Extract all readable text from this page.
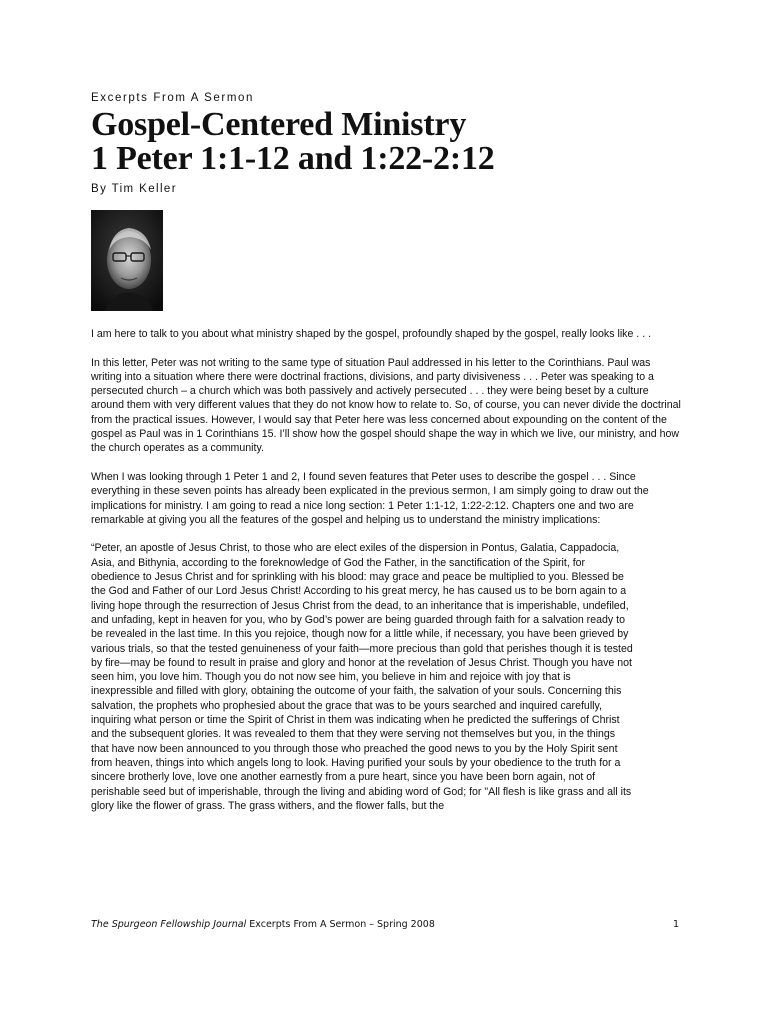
Excerpts From A Sermon

Gospel-Centered Ministry
1 Peter 1:1-12 and 1:22-2:12

By Tim Keller

I am here to talk to you about what ministry shaped by the gospel, profoundly shaped by the gospel, really looks like . . .

In this letter, Peter was not writing to the same type of situation Paul addressed in his letter to the Corinthians. Paul was writing into a situation where there were doctrinal fractions, divisions, and party divisiveness . . . Peter was speaking to a persecuted church – a church which was both passively and actively persecuted . . . they were being beset by a culture around them with very different values that they do not know how to relate to. So, of course, you can never divide the doctrinal from the practical issues. However, I would say that Peter here was less concerned about expounding on the content of the gospel as Paul was in 1 Corinthians 15. I’ll show how the gospel should shape the way in which we live, our ministry, and how the church operates as a community.

When I was looking through 1 Peter 1 and 2, I found seven features that Peter uses to describe the gospel . . . Since everything in these seven points has already been explicated in the previous sermon, I am simply going to draw out the implications for ministry. I am going to read a nice long section: 1 Peter 1:1-12, 1:22-2:12. Chapters one and two are remarkable at giving you all the features of the gospel and helping us to understand the ministry implications:

“Peter, an apostle of Jesus Christ, to those who are elect exiles of the dispersion in Pontus, Galatia, Cappadocia, Asia, and Bithynia, according to the foreknowledge of God the Father, in the sanctification of the Spirit, for obedience to Jesus Christ and for sprinkling with his blood: may grace and peace be multiplied to you. Blessed be the God and Father of our Lord Jesus Christ! According to his great mercy, he has caused us to be born again to a living hope through the resurrection of Jesus Christ from the dead, to an inheritance that is imperishable, undefiled, and unfading, kept in heaven for you, who by God’s power are being guarded through faith for a salvation ready to be revealed in the last time. In this you rejoice, though now for a little while, if necessary, you have been grieved by various trials, so that the tested genuineness of your faith—more precious than gold that perishes though it is tested by fire—may be found to result in praise and glory and honor at the revelation of Jesus Christ. Though you have not seen him, you love him. Though you do not now see him, you believe in him and rejoice with joy that is inexpressible and filled with glory, obtaining the outcome of your faith, the salvation of your souls. Concerning this salvation, the prophets who prophesied about the grace that was to be yours searched and inquired carefully, inquiring what person or time the Spirit of Christ in them was indicating when he predicted the sufferings of Christ and the subsequent glories. It was revealed to them that they were serving not themselves but you, in the things that have now been announced to you through those who preached the good news to you by the Holy Spirit sent from heaven, things into which angels long to look. Having purified your souls by your obedience to the truth for a sincere brotherly love, love one another earnestly from a pure heart, since you have been born again, not of perishable seed but of imperishable, through the living and abiding word of God; for "All flesh is like grass and all its glory like the flower of grass. The grass withers, and the flower falls, but the

The Spurgeon Fellowship Journal Excerpts From A Sermon – Spring 2008	1
